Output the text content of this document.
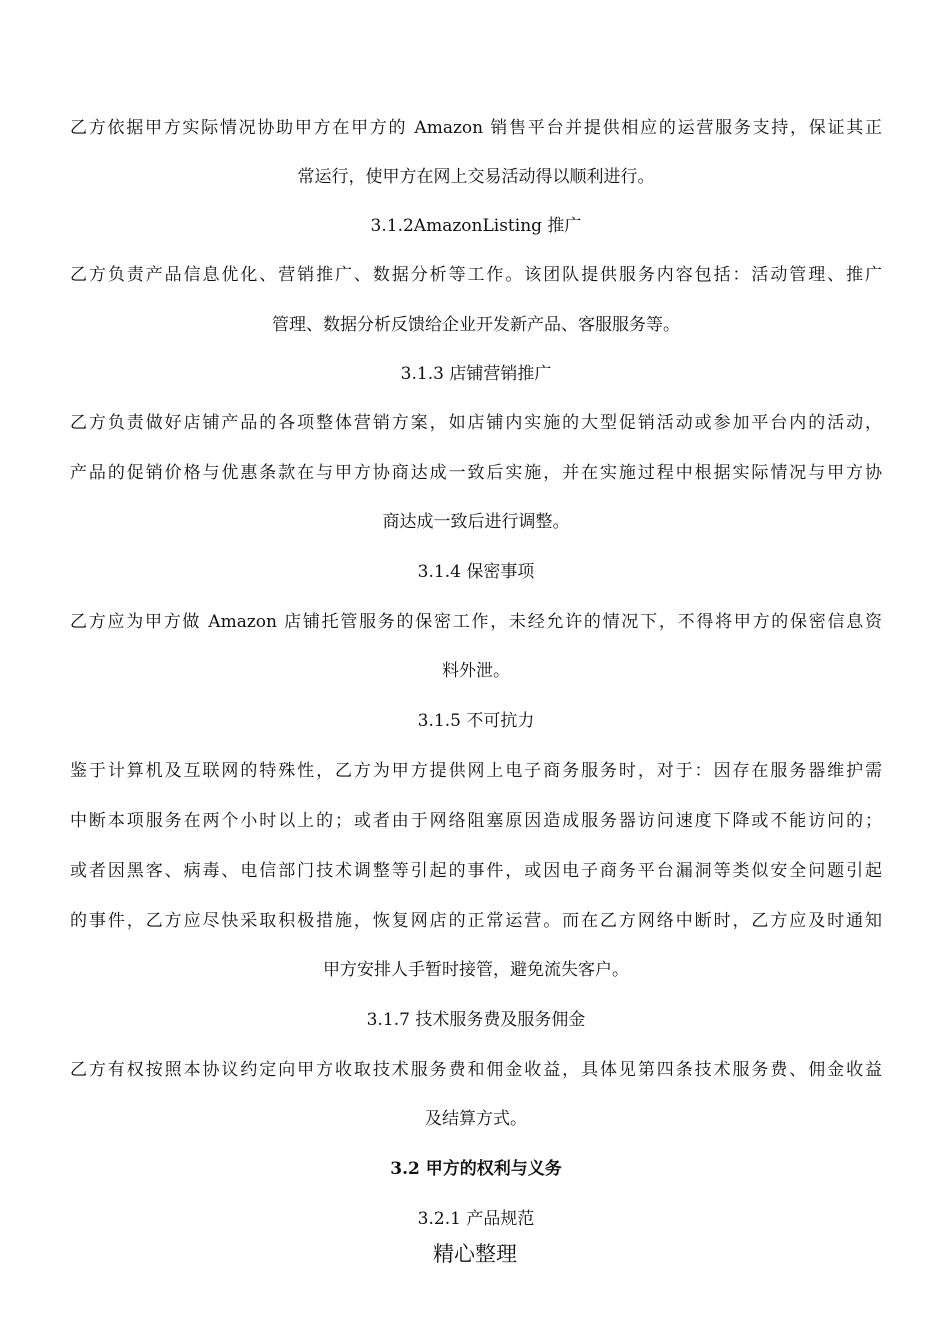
乙方依据甲方实际情况协助甲方在甲方的 Amazon 销售平台并提供相应的运营服务支持，保证其正
常运行，使甲方在网上交易活动得以顺利进行。
3.1.2AmazonListing 推广
乙方负责产品信息优化、营销推广、数据分析等工作。该团队提供服务内容包括：活动管理、推广
管理、数据分析反馈给企业开发新产品、客服服务等。
3.1.3 店铺营销推广
乙方负责做好店铺产品的各项整体营销方案，如店铺内实施的大型促销活动或参加平台内的活动，
产品的促销价格与优惠条款在与甲方协商达成一致后实施，并在实施过程中根据实际情况与甲方协
商达成一致后进行调整。
3.1.4 保密事项
乙方应为甲方做 Amazon 店铺托管服务的保密工作，未经允许的情况下，不得将甲方的保密信息资
料外泄。
3.1.5 不可抗力
鉴于计算机及互联网的特殊性，乙方为甲方提供网上电子商务服务时，对于：因存在服务器维护需
中断本项服务在两个小时以上的；或者由于网络阻塞原因造成服务器访问速度下降或不能访问的；
或者因黑客、病毒、电信部门技术调整等引起的事件，或因电子商务平台漏洞等类似安全问题引起
的事件，乙方应尽快采取积极措施，恢复网店的正常运营。而在乙方网络中断时，乙方应及时通知
甲方安排人手暂时接管，避免流失客户。
3.1.7 技术服务费及服务佣金
乙方有权按照本协议约定向甲方收取技术服务费和佣金收益，具体见第四条技术服务费、佣金收益
及结算方式。
3.2 甲方的权利与义务
3.2.1 产品规范
精心整理
